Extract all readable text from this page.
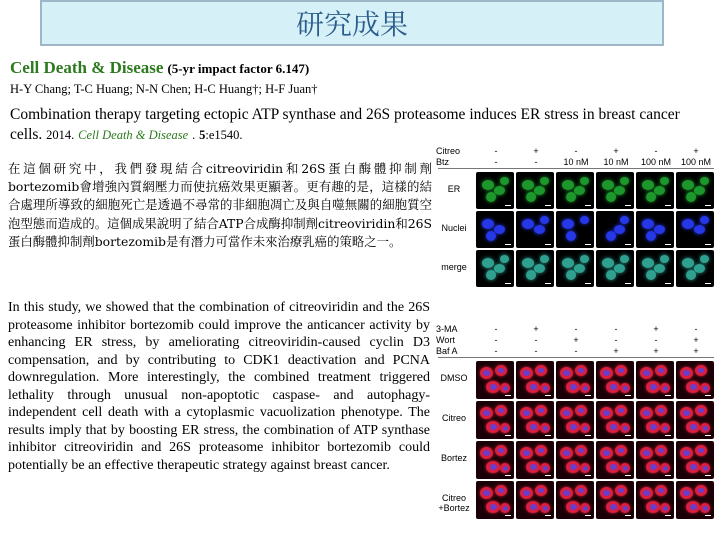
研究成果
Cell Death & Disease (5-yr impact factor 6.147)
H-Y Chang; T-C Huang; N-N Chen; H-C Huang†; H-F Juan†
Combination therapy targeting ectopic ATP synthase and 26S proteasome induces ER stress in breast cancer cells. 2014. Cell Death & Disease . 5:e1540.
在這個研究中，我們發現結合citreoviridin和26S蛋白酶體抑制劑bortezomib會增強內質網壓力而使抗癌效果更顯著。更有趣的是，這樣的結合處理所導致的細胞死亡是透過不尋常的非細胞凋亡及與自噬無關的細胞質空泡型態而造成的。這個成果說明了結合ATP合成酶抑制劑citreoviridin和26S蛋白酶體抑制劑bortezomib是有潛力可當作未來治療乳癌的策略之一。
In this study, we showed that the combination of citreoviridin and the 26S proteasome inhibitor bortezomib could improve the anticancer activity by enhancing ER stress, by ameliorating citreoviridin-caused cyclin D3 compensation, and by contributing to CDK1 deactivation and PCNA downregulation. More interestingly, the combined treatment triggered lethality through unusual non-apoptotic caspase- and autophagy-independent cell death with a cytoplasmic vacuolization phenotype. The results imply that by boosting ER stress, the combination of ATP synthase inhibitor citreoviridin and 26S proteasome inhibitor bortezomib could potentially be an effective therapeutic strategy against breast cancer.
Citreo	-	+	-	+	-	+
Btz	-	-	10 nM	10 nM	100 nM	100 nM
ER
Nuclei
merge
3-MA	-	+	-	-	+	-
Wort	-	-	+	-	-	+
Baf A	-	-	-	+	+	+
DMSO
Citreo
Bortez
Citreo
+Bortez
